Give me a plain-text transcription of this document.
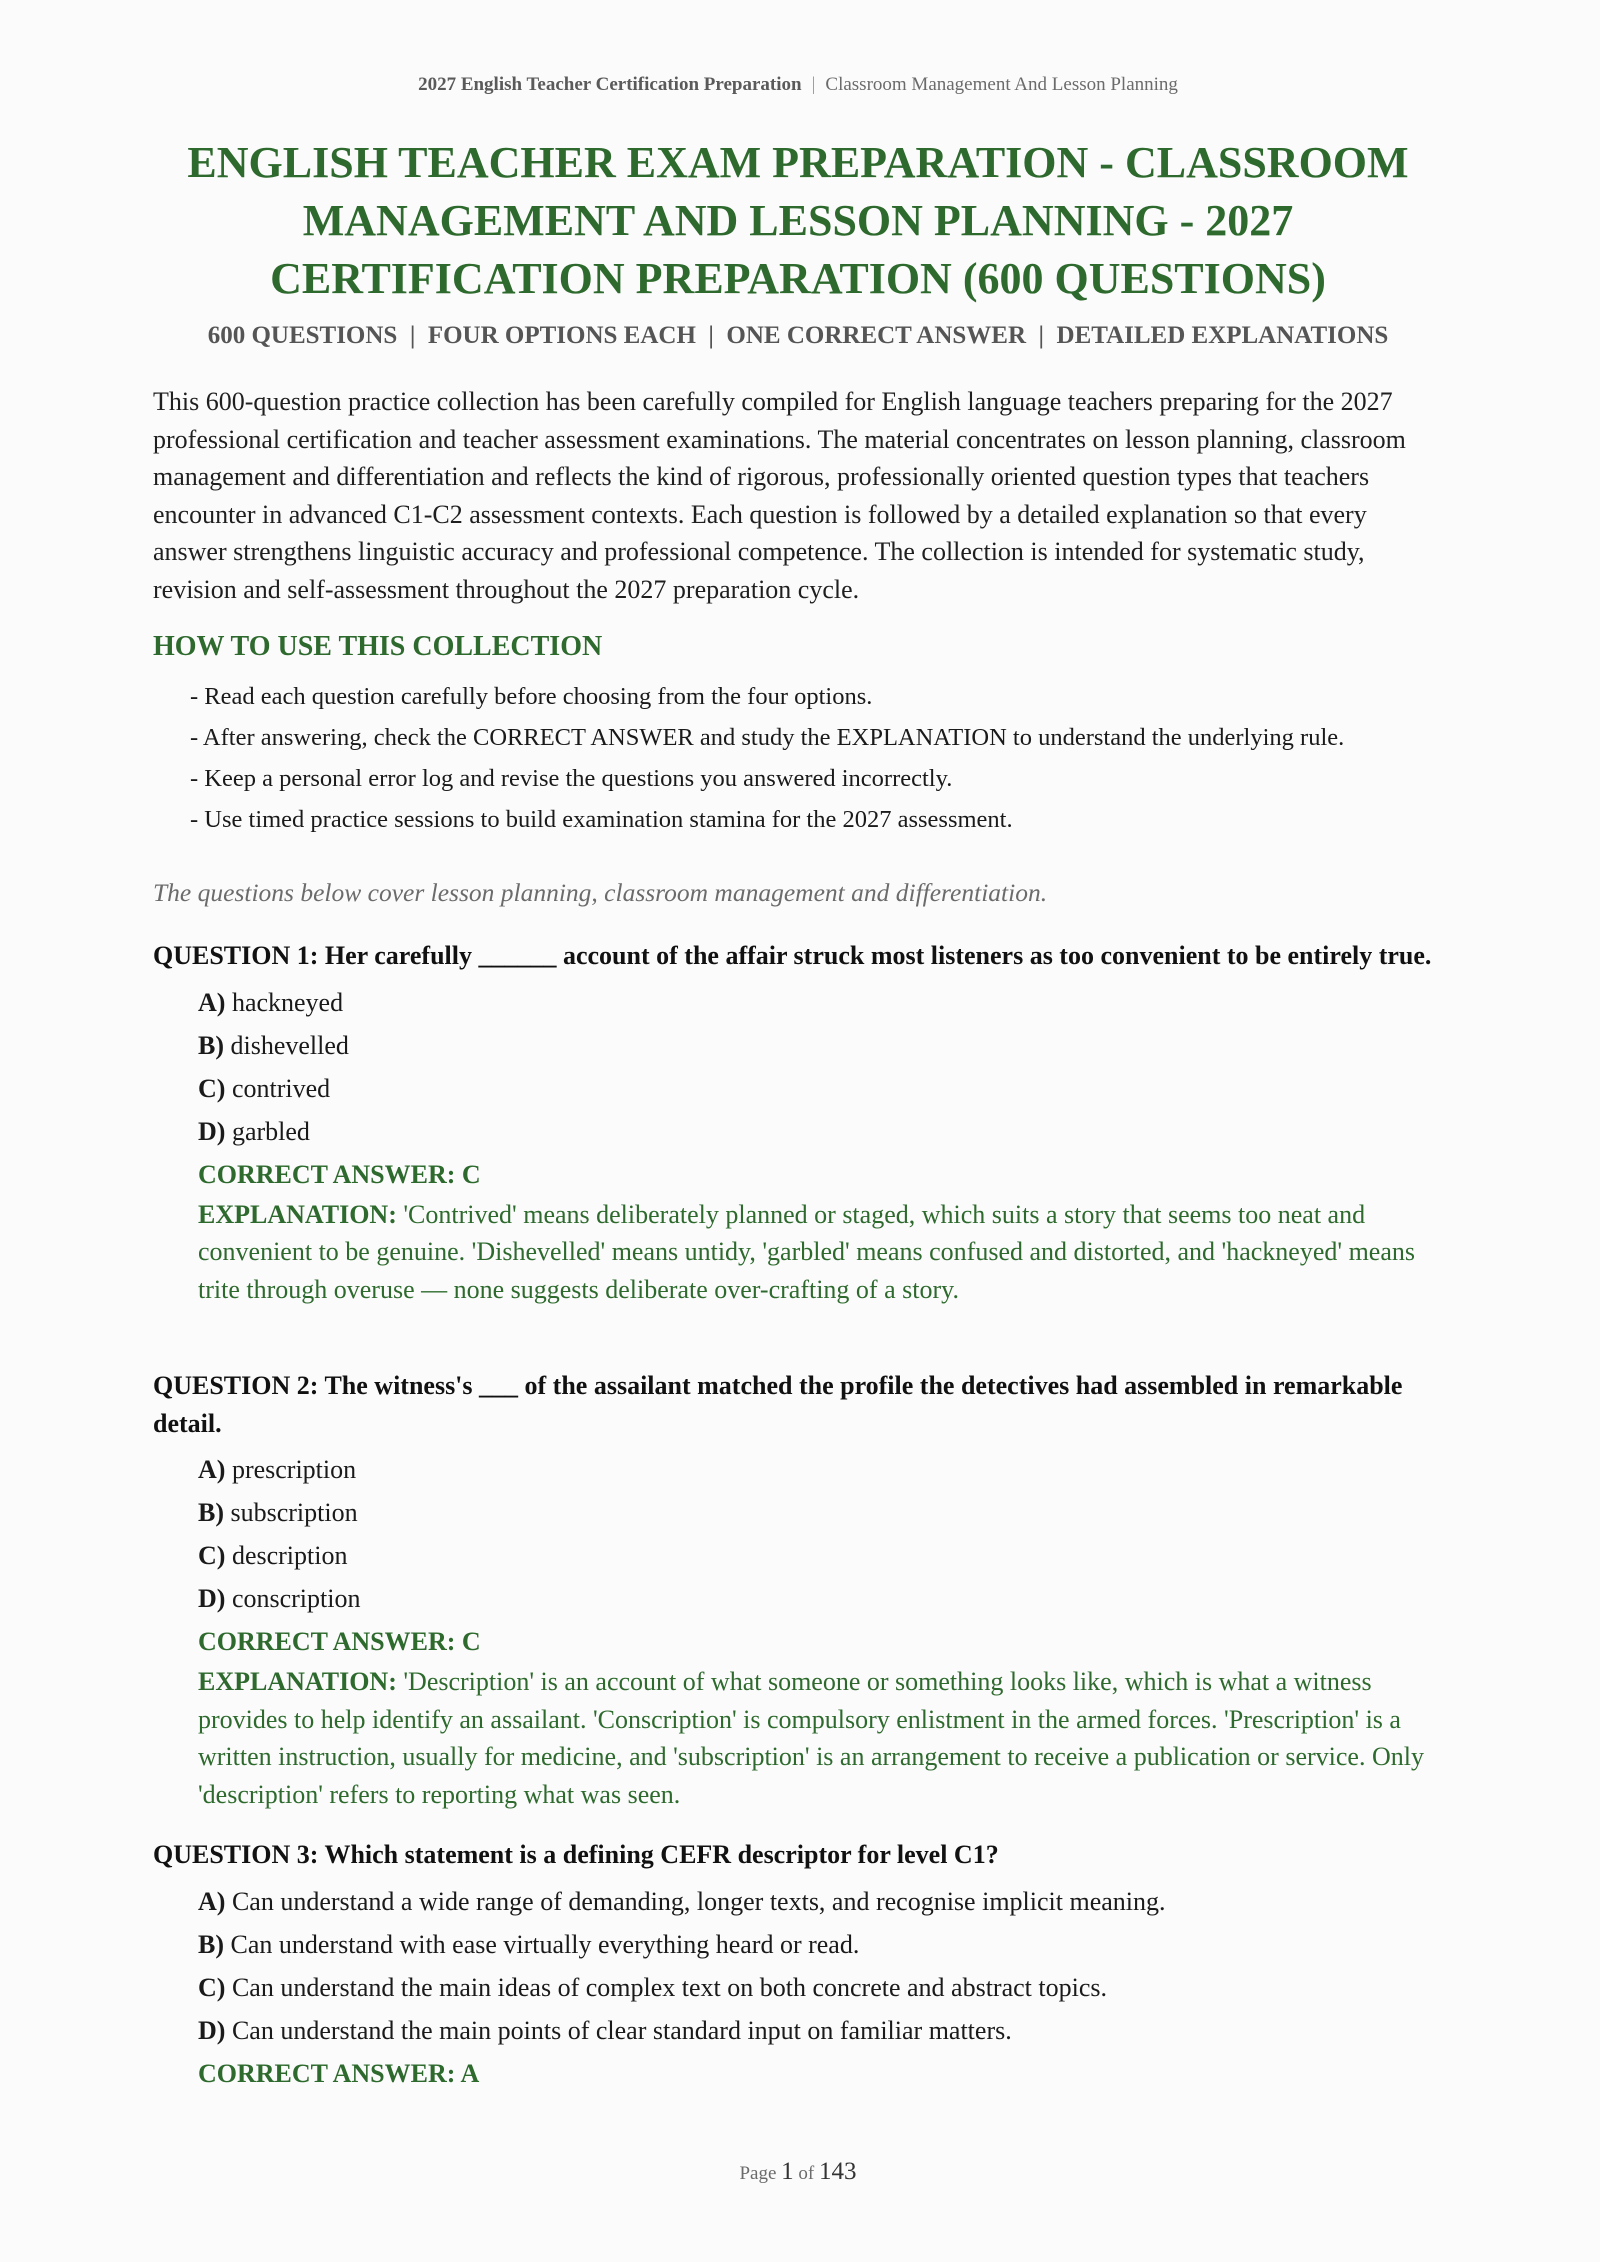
2027 English Teacher Certification Preparation | Classroom Management And Lesson Planning
ENGLISH TEACHER EXAM PREPARATION - CLASSROOM
MANAGEMENT AND LESSON PLANNING - 2027
CERTIFICATION PREPARATION (600 QUESTIONS)
600 QUESTIONS  |  FOUR OPTIONS EACH  |  ONE CORRECT ANSWER  |  DETAILED EXPLANATIONS

This 600-question practice collection has been carefully compiled for English language teachers preparing for the 2027 professional certification and teacher assessment examinations. The material concentrates on lesson planning, classroom management and differentiation and reflects the kind of rigorous, professionally oriented question types that teachers encounter in advanced C1-C2 assessment contexts. Each question is followed by a detailed explanation so that every answer strengthens linguistic accuracy and professional competence. The collection is intended for systematic study, revision and self-assessment throughout the 2027 preparation cycle.

HOW TO USE THIS COLLECTION
- Read each question carefully before choosing from the four options.
- After answering, check the CORRECT ANSWER and study the EXPLANATION to understand the underlying rule.
- Keep a personal error log and revise the questions you answered incorrectly.
- Use timed practice sessions to build examination stamina for the 2027 assessment.
The questions below cover lesson planning, classroom management and differentiation.

QUESTION 1: Her carefully ______ account of the affair struck most listeners as too convenient to be entirely true.

A) hackneyed
B) dishevelled
C) contrived
D) garbled

CORRECT ANSWER: C

EXPLANATION: 'Contrived' means deliberately planned or staged, which suits a story that seems too neat and convenient to be genuine. 'Dishevelled' means untidy, 'garbled' means confused and distorted, and 'hackneyed' means trite through overuse — none suggests deliberate over-crafting of a story.

QUESTION 2: The witness's ___ of the assailant matched the profile the detectives had assembled in remarkable detail.

A) prescription
B) subscription
C) description
D) conscription

CORRECT ANSWER: C

EXPLANATION: 'Description' is an account of what someone or something looks like, which is what a witness provides to help identify an assailant. 'Conscription' is compulsory enlistment in the armed forces. 'Prescription' is a written instruction, usually for medicine, and 'subscription' is an arrangement to receive a publication or service. Only 'description' refers to reporting what was seen.

QUESTION 3: Which statement is a defining CEFR descriptor for level C1?

A) Can understand a wide range of demanding, longer texts, and recognise implicit meaning.
B) Can understand with ease virtually everything heard or read.
C) Can understand the main ideas of complex text on both concrete and abstract topics.
D) Can understand the main points of clear standard input on familiar matters.

CORRECT ANSWER: A

Page 1 of 143
